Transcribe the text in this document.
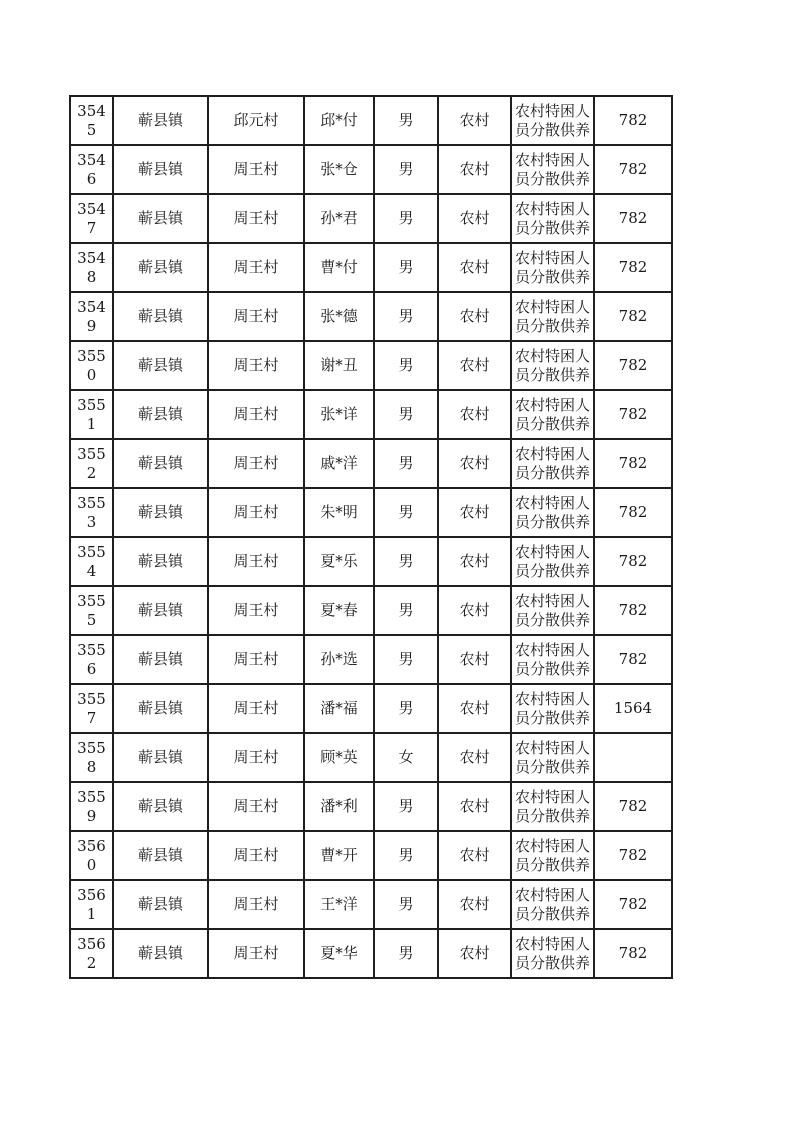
3545	蕲县镇	邱元村	邱*付	男	农村	农村特困人员分散供养	782
3546	蕲县镇	周王村	张*仓	男	农村	农村特困人员分散供养	782
3547	蕲县镇	周王村	孙*君	男	农村	农村特困人员分散供养	782
3548	蕲县镇	周王村	曹*付	男	农村	农村特困人员分散供养	782
3549	蕲县镇	周王村	张*德	男	农村	农村特困人员分散供养	782
3550	蕲县镇	周王村	谢*丑	男	农村	农村特困人员分散供养	782
3551	蕲县镇	周王村	张*详	男	农村	农村特困人员分散供养	782
3552	蕲县镇	周王村	戚*洋	男	农村	农村特困人员分散供养	782
3553	蕲县镇	周王村	朱*明	男	农村	农村特困人员分散供养	782
3554	蕲县镇	周王村	夏*乐	男	农村	农村特困人员分散供养	782
3555	蕲县镇	周王村	夏*春	男	农村	农村特困人员分散供养	782
3556	蕲县镇	周王村	孙*选	男	农村	农村特困人员分散供养	782
3557	蕲县镇	周王村	潘*福	男	农村	农村特困人员分散供养	1564
3558	蕲县镇	周王村	顾*英	女	农村	农村特困人员分散供养	
3559	蕲县镇	周王村	潘*利	男	农村	农村特困人员分散供养	782
3560	蕲县镇	周王村	曹*开	男	农村	农村特困人员分散供养	782
3561	蕲县镇	周王村	王*洋	男	农村	农村特困人员分散供养	782
3562	蕲县镇	周王村	夏*华	男	农村	农村特困人员分散供养	782
